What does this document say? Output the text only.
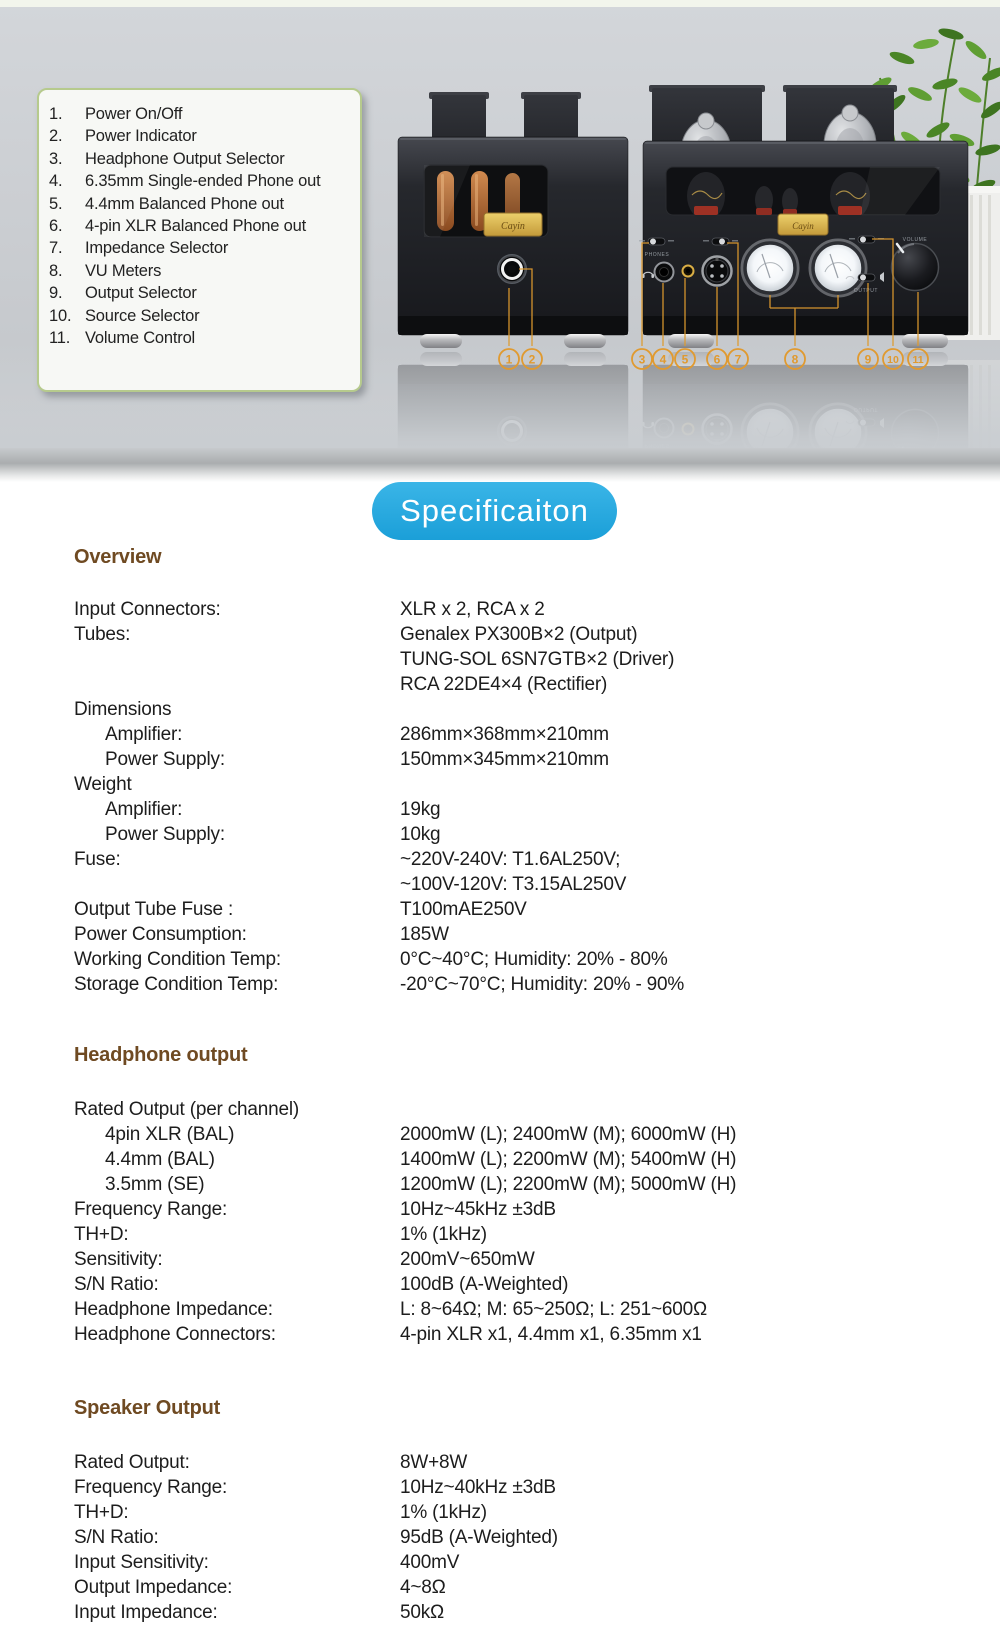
Cayin	Cayin
PHONES
OUTPUT
VOLUME
1 2	3 4 5 6 7	8	9 10 11
1.	Power On/Off
2.	Power Indicator
3.	Headphone Output Selector
4.	6.35mm Single-ended Phone out
5.	4.4mm Balanced Phone out
6.	4-pin XLR Balanced Phone out
7.	Impedance Selector
8.	VU Meters
9.	Output Selector
10. Source Selector
11. Volume Control
Specificaiton
Overview
Input Connectors:	XLR x 2, RCA x 2
Tubes:	Genalex PX300B×2 (Output)
TUNG-SOL 6SN7GTB×2 (Driver)
RCA 22DE4×4 (Rectifier)
Dimensions
Amplifier:	286mm×368mm×210mm
Power Supply:	150mm×345mm×210mm
Weight
Amplifier:	19kg
Power Supply:	10kg
Fuse:	~220V-240V: T1.6AL250V;
~100V-120V: T3.15AL250V
Output Tube Fuse :	T100mAE250V
Power Consumption:	185W
Working Condition Temp:	0°C~40°C; Humidity: 20% - 80%
Storage Condition Temp:	-20°C~70°C; Humidity: 20% - 90%
Headphone output
Rated Output (per channel)
4pin XLR (BAL)	2000mW (L); 2400mW (M); 6000mW (H)
4.4mm (BAL)	1400mW (L); 2200mW (M); 5400mW (H)
3.5mm (SE)	1200mW (L); 2200mW (M); 5000mW (H)
Frequency Range:	10Hz~45kHz ±3dB
TH+D:	1% (1kHz)
Sensitivity:	200mV~650mW
S/N Ratio:	100dB (A-Weighted)
Headphone Impedance:	L: 8~64Ω; M: 65~250Ω; L: 251~600Ω
Headphone Connectors:	4-pin XLR x1, 4.4mm x1, 6.35mm x1
Speaker Output
Rated Output:	8W+8W
Frequency Range:	10Hz~40kHz ±3dB
TH+D:	1% (1kHz)
S/N Ratio:	95dB (A-Weighted)
Input Sensitivity:	400mV
Output Impedance:	4~8Ω
Input Impedance:	50kΩ
